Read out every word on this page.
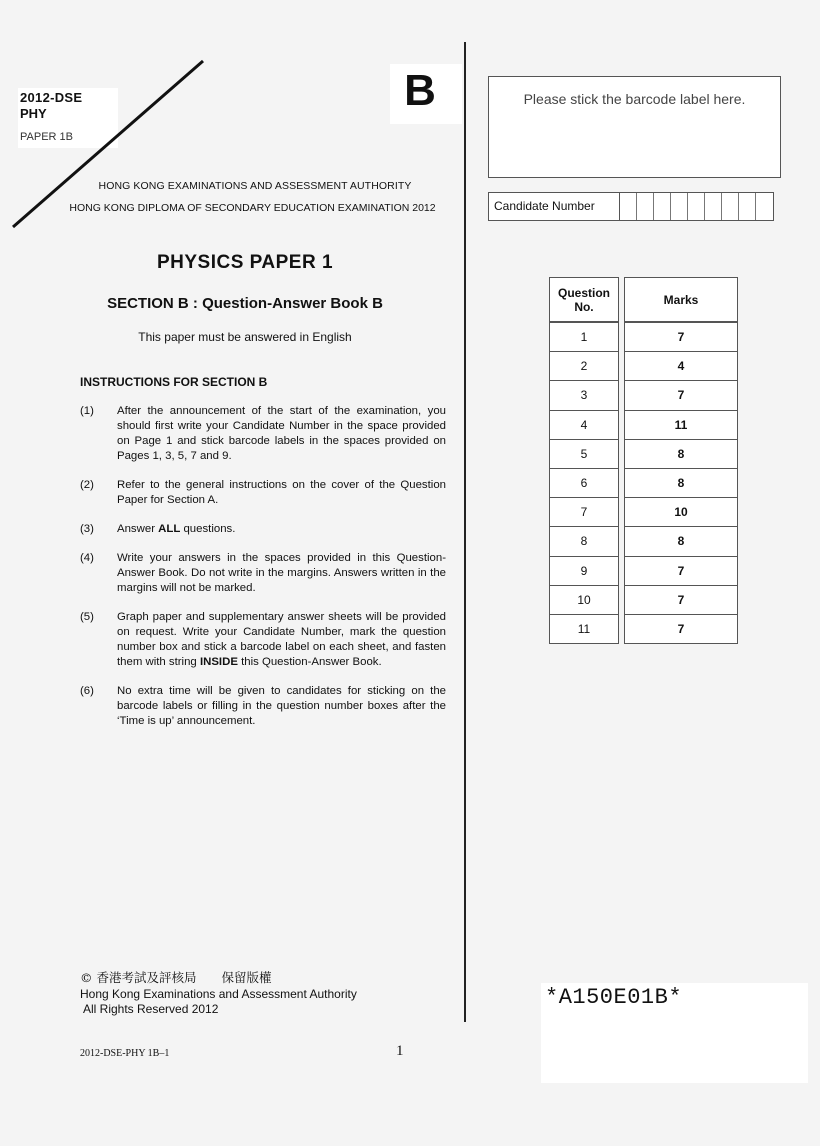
2012-DSE
PHY
PAPER 1B
B
HONG KONG EXAMINATIONS AND ASSESSMENT AUTHORITY
HONG KONG DIPLOMA OF SECONDARY EDUCATION EXAMINATION 2012
PHYSICS PAPER 1
SECTION B : Question-Answer Book B
This paper must be answered in English
INSTRUCTIONS FOR SECTION B
(1)	After the announcement of the start of the examination, you should first write your Candidate Number in the space provided on Page 1 and stick barcode labels in the spaces provided on Pages 1, 3, 5, 7 and 9.
(2)	Refer to the general instructions on the cover of the Question Paper for Section A.
(3)	Answer ALL questions.
(4)	Write your answers in the spaces provided in this Question-Answer Book. Do not write in the margins. Answers written in the margins will not be marked.
(5)	Graph paper and supplementary answer sheets will be provided on request. Write your Candidate Number, mark the question number box and stick a barcode label on each sheet, and fasten them with string INSIDE this Question-Answer Book.
(6)	No extra time will be given to candidates for sticking on the barcode labels or filling in the question number boxes after the ‘Time is up’ announcement.
Please stick the barcode label here.
Candidate Number
Question
No.	Marks
1	7
2	4
3	7
4	11
5	8
6	8
7	10
8	8
9	7
10	7
11	7
© 香港考試及評核局　　保留版權
Hong Kong Examinations and Assessment Authority
All Rights Reserved 2012
2012-DSE-PHY 1B–1	1
*A150E01B*
